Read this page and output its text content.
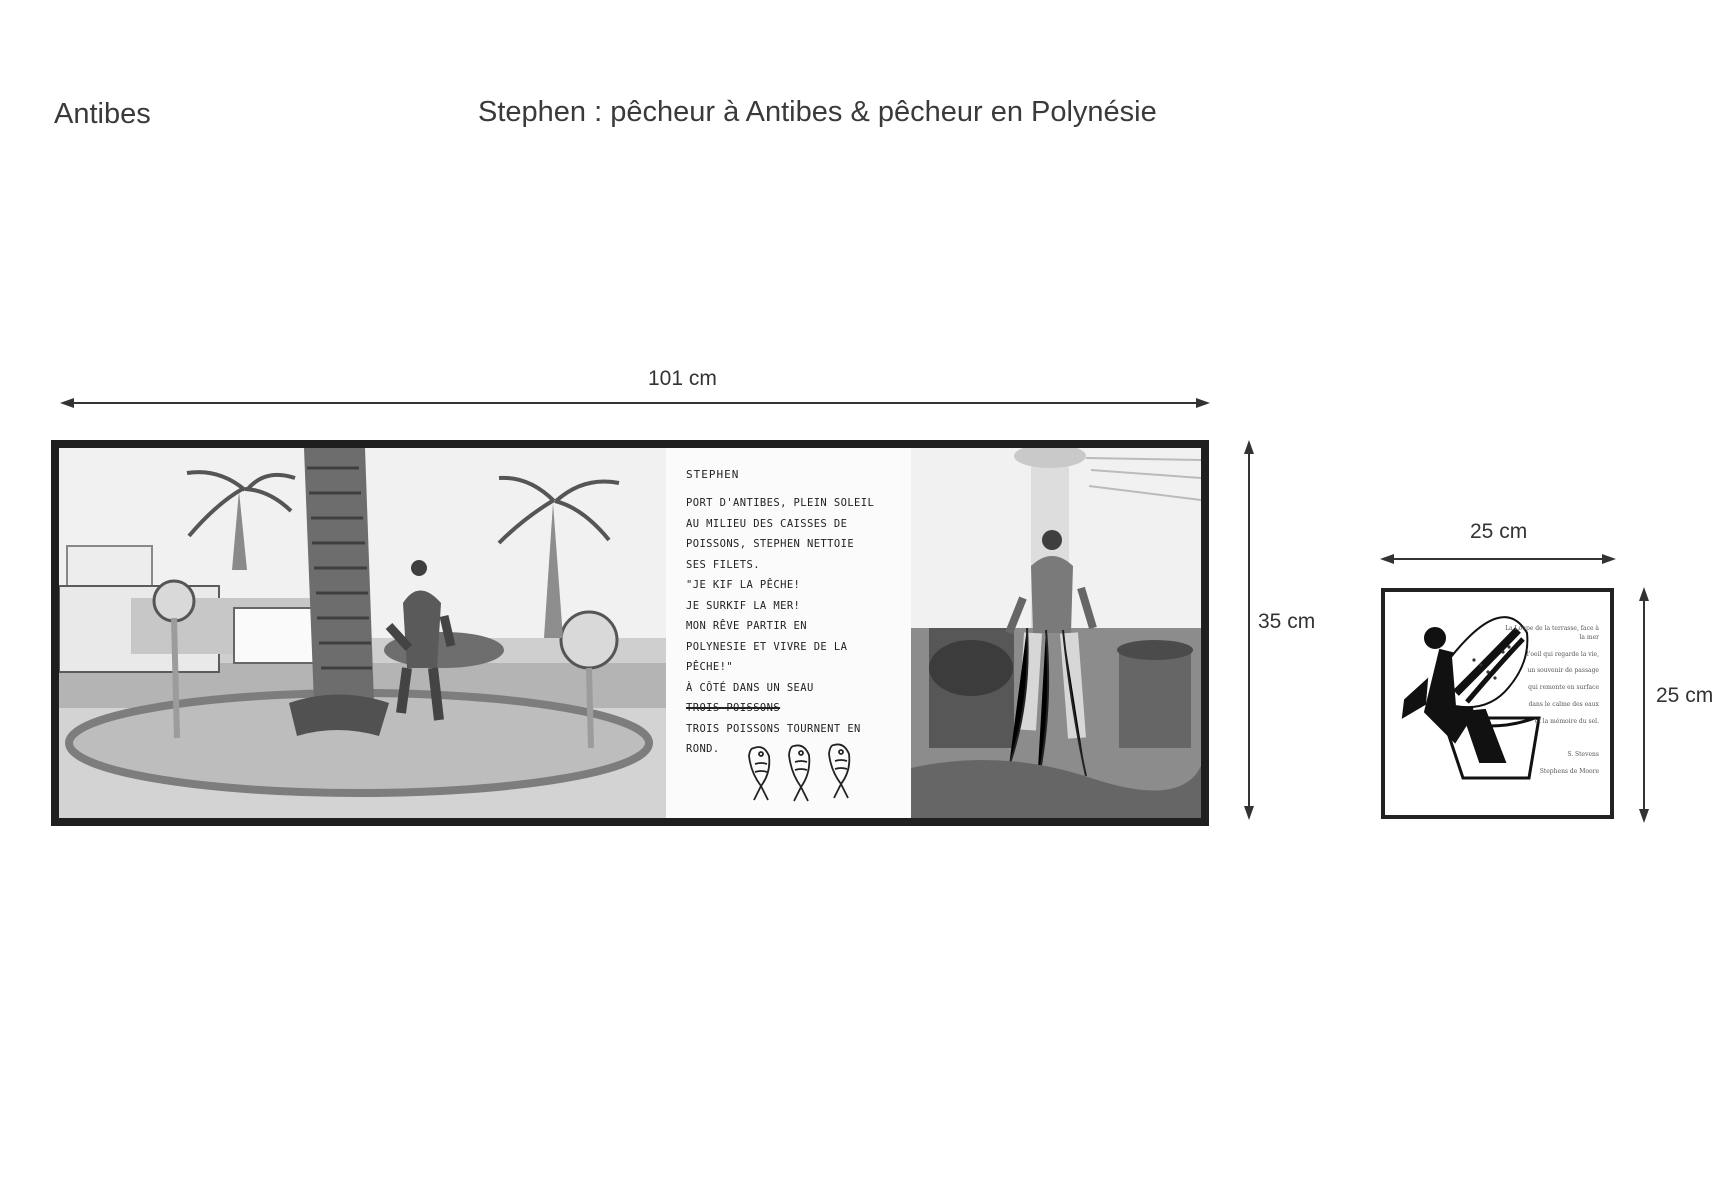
Antibes	Stephen : pêcheur à Antibes & pêcheur en Polynésie
101 cm
STEPHEN
PORT D'ANTIBES, PLEIN SOLEIL
AU MILIEU DES CAISSES DE
POISSONS, STEPHEN NETTOIE
SES FILETS.
"JE KIF LA PÊCHE!
JE SURKIF LA MER!
MON RÊVE PARTIR EN
POLYNESIE ET VIVRE DE LA
PÊCHE!"
À CÔTÉ DANS UN SEAU
TROIS POISSONS
TROIS POISSONS TOURNENT EN
ROND.
35 cm
25 cm

La Loupe de la terrasse, face à la mer

l'oeil qui regarde la vie,

un souvenir de passage

qui remonte en surface

dans le calme des eaux

et la mémoire du sel.

S. Stevens

Stephens de Moore

25 cm
